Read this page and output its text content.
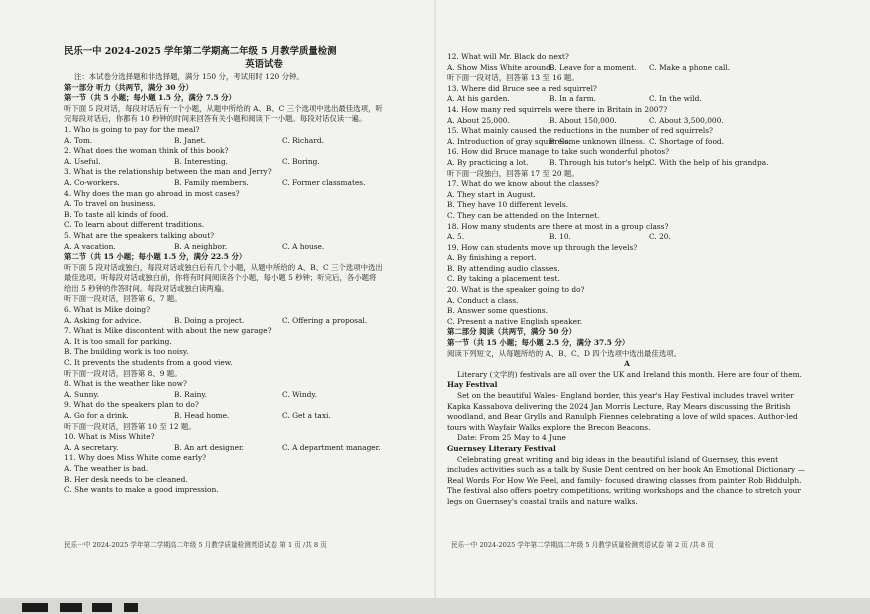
民乐一中 2024-2025 学年第二学期高二年级 5 月教学质量检测
英语试卷
注：本试卷分选择题和非选择题，满分 150 分，考试用时 120 分钟。
第一部分 听力（共两节，满分 30 分）
第一节（共 5 小题；每小题 1.5 分，满分 7.5 分）
听下面 5 段对话，每段对话后有一个小题，从题中所给的 A、B、C 三个选项中选出最佳选项，听
完每段对话后，你都有 10 秒钟的时间来回答有关小题和阅读下一小题。每段对话仅读一遍。
1. Who is going to pay for the meal?
A. Tom.	B. Janet.	C. Richard.
2. What does the woman think of this book?
A. Useful.	B. Interesting.	C. Boring.
3. What is the relationship between the man and Jerry?
A. Co-workers.	B. Family members.	C. Former classmates.
4. Why does the man go abroad in most cases?
A. To travel on business.
B. To taste all kinds of food.
C. To learn about different traditions.
5. What are the speakers talking about?
A. A vacation.	B. A neighbor.	C. A house.
第二节（共 15 小题；每小题 1.5 分，满分 22.5 分）
听下面 5 段对话或独白，每段对话或独白后有几个小题，从题中所给的 A、B、C 三个选项中选出
最佳选项。听每段对话或独白前，你将有时间阅读各个小题，每小题 5 秒钟；听完后，各小题将
给出 5 秒钟的作答时间。每段对话或独白读两遍。
听下面一段对话，回答第 6、7 题。
6. What is Mike doing?
A. Asking for advice.	B. Doing a project.	C. Offering a proposal.
7. What is Mike discontent with about the new garage?
A. It is too small for parking.
B. The building work is too noisy.
C. It prevents the students from a good view.
听下面一段对话，回答第 8、9 题。
8. What is the weather like now?
A. Sunny.	B. Rainy.	C. Windy.
9. What do the speakers plan to do?
A. Go for a drink.	B. Head home.	C. Get a taxi.
听下面一段对话，回答第 10 至 12 题。
10. What is Miss White?
A. A secretary.	B. An art designer.	C. A department manager.
11. Why does Miss White come early?
A. The weather is bad.
B. Her desk needs to be cleaned.
C. She wants to make a good impression.
12. What will Mr. Black do next?
A. Show Miss White around.
B. Leave for a moment.	C. Make a phone call.
听下面一段对话，回答第 13 至 16 题。
13. Where did Bruce see a red squirrel?
A. At his garden.	B. In a farm.	C. In the wild.
14. How many red squirrels were there in Britain in 2007?
A. About 25,000.	B. About 150,000.	C. About 3,500,000.
15. What mainly caused the reductions in the number of red squirrels?
A. Introduction of gray squirrels.
B. Some unknown illness. C. Shortage of food.
16. How did Bruce manage to take such wonderful photos?
A. By practicing a lot.	B. Through his tutor's help.
C. With the help of his grandpa.
听下面一段独白，回答第 17 至 20 题。
17. What do we know about the classes?
A. They start in August.
B. They have 10 different levels.
C. They can be attended on the Internet.
18. How many students are there at most in a group class?
A. 5.	B. 10.	C. 20.
19. How can students move up through the levels?
A. By finishing a report.
B. By attending audio classes.
C. By taking a placement test.
20. What is the speaker going to do?
A. Conduct a class.
B. Answer some questions.
C. Present a native English speaker.
第二部分 阅读（共两节，满分 50 分）
第一节（共 15 小题；每小题 2.5 分，满分 37.5 分）
阅读下列短文，从每题所给的 A、B、C、D 四个选项中选出最佳选项。
A
Literary (文学的) festivals are all over the UK and Ireland this month. Here are four of them.
Hay Festival
Set on the beautiful Wales- England border, this year's Hay Festival includes travel writer Kapka Kassabova delivering the 2024 Jan Morris Lecture, Ray Mears discussing the British woodland, and Bear Grylls and Ranulph Fiennes celebrating a love of wild spaces. Author-led tours with Wayfair Walks explore the Brecon Beacons.
Date: From 25 May to 4 June
Guernsey Literary Festival
Celebrating great writing and big ideas in the beautiful island of Guernsey, this event includes activities such as a talk by Susie Dent centred on her book An Emotional Dictionary — Real Words For How We Feel, and family- focused drawing classes from painter Rob Biddulph. The festival also offers poetry competitions, writing workshops and the chance to stretch your legs on Guernsey's coastal trails and nature walks.
民乐一中 2024-2025 学年第二学期高二年级 5 月教学质量检测英语试卷 第 1 页 /共 8 页	民乐一中 2024-2025 学年第二学期高二年级 5 月教学质量检测英语试卷 第 2 页 /共 8 页
